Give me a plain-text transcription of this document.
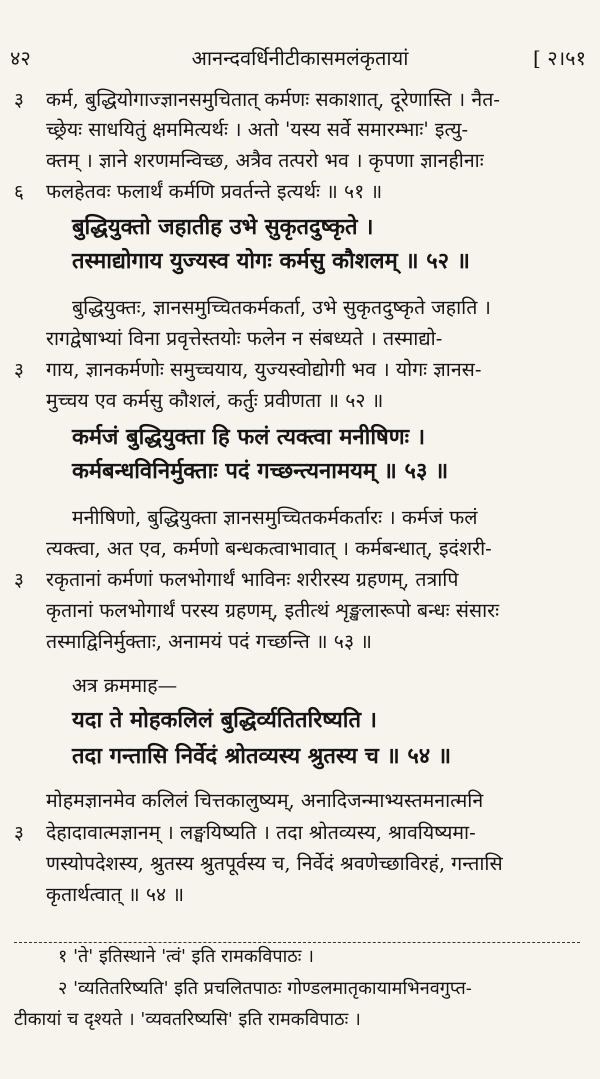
४२	आनन्दवर्धिनीटीकासमलंकृतायां	[ २।५१
३	कर्म, बुद्धियोगाज्ज्ञानसमुचितात् कर्मणः सकाशात्, दूरेणास्ति । नैत-
च्छ्रेयः साधयितुं क्षममित्यर्थः । अतो 'यस्य सर्वे समारम्भाः' इत्यु-
क्तम् । ज्ञाने शरणमन्विच्छ, अत्रैव तत्परो भव । कृपणा ज्ञानहीनाः
६	फलहेतवः फलार्थं कर्मणि प्रवर्तन्ते इत्यर्थः ॥ ५१ ॥
बुद्धियुक्तो जहातीह उभे सुकृतदुष्कृते ।
तस्माद्योगाय युज्यस्व योगः कर्मसु कौशलम् ॥ ५२ ॥
बुद्धियुक्तः, ज्ञानसमुच्चितकर्मकर्ता, उभे सुकृतदुष्कृते जहाति ।
रागद्वेषाभ्यां विना प्रवृत्तेस्तयोः फलेन न संबध्यते । तस्माद्यो-
३	गाय, ज्ञानकर्मणोः समुच्चयाय, युज्यस्वोद्योगी भव । योगः ज्ञानस-
मुच्चय एव कर्मसु कौशलं, कर्तुः प्रवीणता ॥ ५२ ॥
कर्मजं बुद्धियुक्ता हि फलं त्यक्त्वा मनीषिणः ।
कर्मबन्धविनिर्मुक्ताः पदं गच्छन्त्यनामयम् ॥ ५३ ॥
मनीषिणो, बुद्धियुक्ता ज्ञानसमुच्चितकर्मकर्तारः । कर्मजं फलं
त्यक्त्वा, अत एव, कर्मणो बन्धकत्वाभावात् । कर्मबन्धात्, इदंशरी-
३	रकृतानां कर्मणां फलभोगार्थं भाविनः शरीरस्य ग्रहणम्, तत्रापि
कृतानां फलभोगार्थं परस्य ग्रहणम्, इतीत्थं शृङ्खलारूपो बन्धः संसारः
तस्माद्विनिर्मुक्ताः, अनामयं पदं गच्छन्ति ॥ ५३ ॥
अत्र क्रममाह—
यदा ते मोहकलिलं बुद्धिर्व्यतितरिष्यति ।
तदा गन्तासि निर्वेदं श्रोतव्यस्य श्रुतस्य च ॥ ५४ ॥
मोहमज्ञानमेव कलिलं चित्तकालुष्यम्, अनादिजन्माभ्यस्तमनात्मनि
३	देहादावात्मज्ञानम् । लङ्घयिष्यति । तदा श्रोतव्यस्य, श्रावयिष्यमा-
णस्योपदेशस्य, श्रुतस्य श्रुतपूर्वस्य च, निर्वेदं श्रवणेच्छाविरहं, गन्तासि
कृतार्थत्वात् ॥ ५४ ॥
१ 'ते' इतिस्थाने 'त्वं' इति रामकविपाठः ।
२ 'व्यतितरिष्यति' इति प्रचलितपाठः गोण्डलमातृकायामभिनवगुप्त-
टीकायां च दृश्यते । 'व्यवतरिष्यसि' इति रामकविपाठः ।
